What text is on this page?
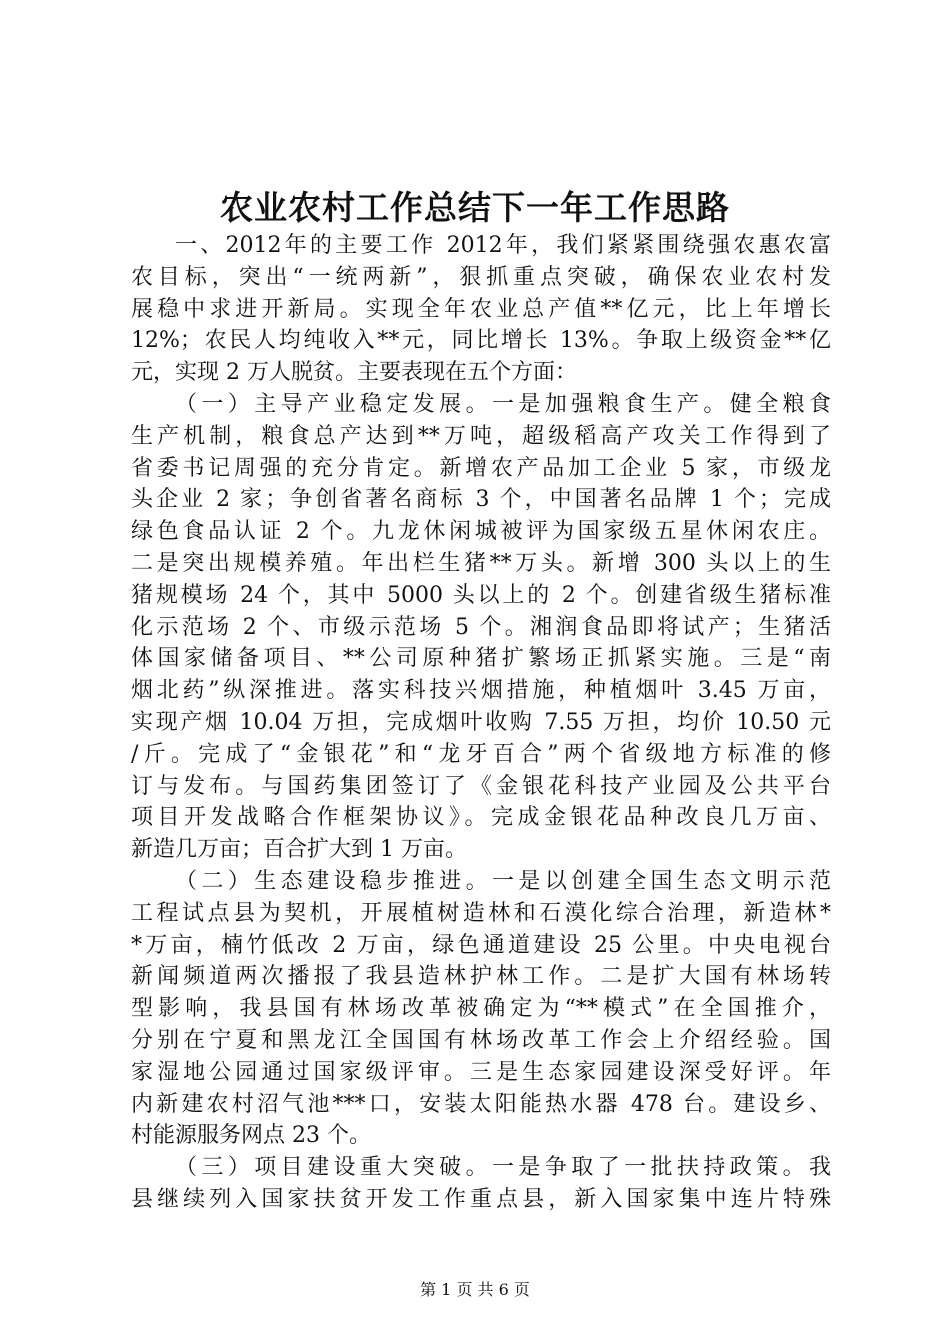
农业农村工作总结下一年工作思路
一、2012年的主要工作 2012年，我们紧紧围绕强农惠农富
农目标，突出“一统两新”，狠抓重点突破，确保农业农村发
展稳中求进开新局。实现全年农业总产值**亿元，比上年增长
12%；农民人均纯收入**元，同比增长 13%。争取上级资金**亿
元，实现 2 万人脱贫。主要表现在五个方面：
（一）主导产业稳定发展。一是加强粮食生产。健全粮食
生产机制，粮食总产达到**万吨，超级稻高产攻关工作得到了
省委书记周强的充分肯定。新增农产品加工企业 5 家，市级龙
头企业 2 家；争创省著名商标 3 个，中国著名品牌 1 个；完成
绿色食品认证 2 个。九龙休闲城被评为国家级五星休闲农庄。
二是突出规模养殖。年出栏生猪**万头。新增 300 头以上的生
猪规模场 24 个，其中 5000 头以上的 2 个。创建省级生猪标准
化示范场 2 个、市级示范场 5 个。湘润食品即将试产；生猪活
体国家储备项目、**公司原种猪扩繁场正抓紧实施。三是“南
烟北药”纵深推进。落实科技兴烟措施，种植烟叶 3.45 万亩，
实现产烟 10.04 万担，完成烟叶收购 7.55 万担，均价 10.50 元
/斤。完成了“金银花”和“龙牙百合”两个省级地方标准的修
订与发布。与国药集团签订了《金银花科技产业园及公共平台
项目开发战略合作框架协议》。完成金银花品种改良几万亩、
新造几万亩；百合扩大到 1 万亩。
（二）生态建设稳步推进。一是以创建全国生态文明示范
工程试点县为契机，开展植树造林和石漠化综合治理，新造林*
*万亩，楠竹低改 2 万亩，绿色通道建设 25 公里。中央电视台
新闻频道两次播报了我县造林护林工作。二是扩大国有林场转
型影响，我县国有林场改革被确定为“**模式”在全国推介，
分别在宁夏和黑龙江全国国有林场改革工作会上介绍经验。国
家湿地公园通过国家级评审。三是生态家园建设深受好评。年
内新建农村沼气池***口，安装太阳能热水器 478 台。建设乡、
村能源服务网点 23 个。
（三）项目建设重大突破。一是争取了一批扶持政策。我
县继续列入国家扶贫开发工作重点县，新入国家集中连片特殊
第 1 页 共 6 页
